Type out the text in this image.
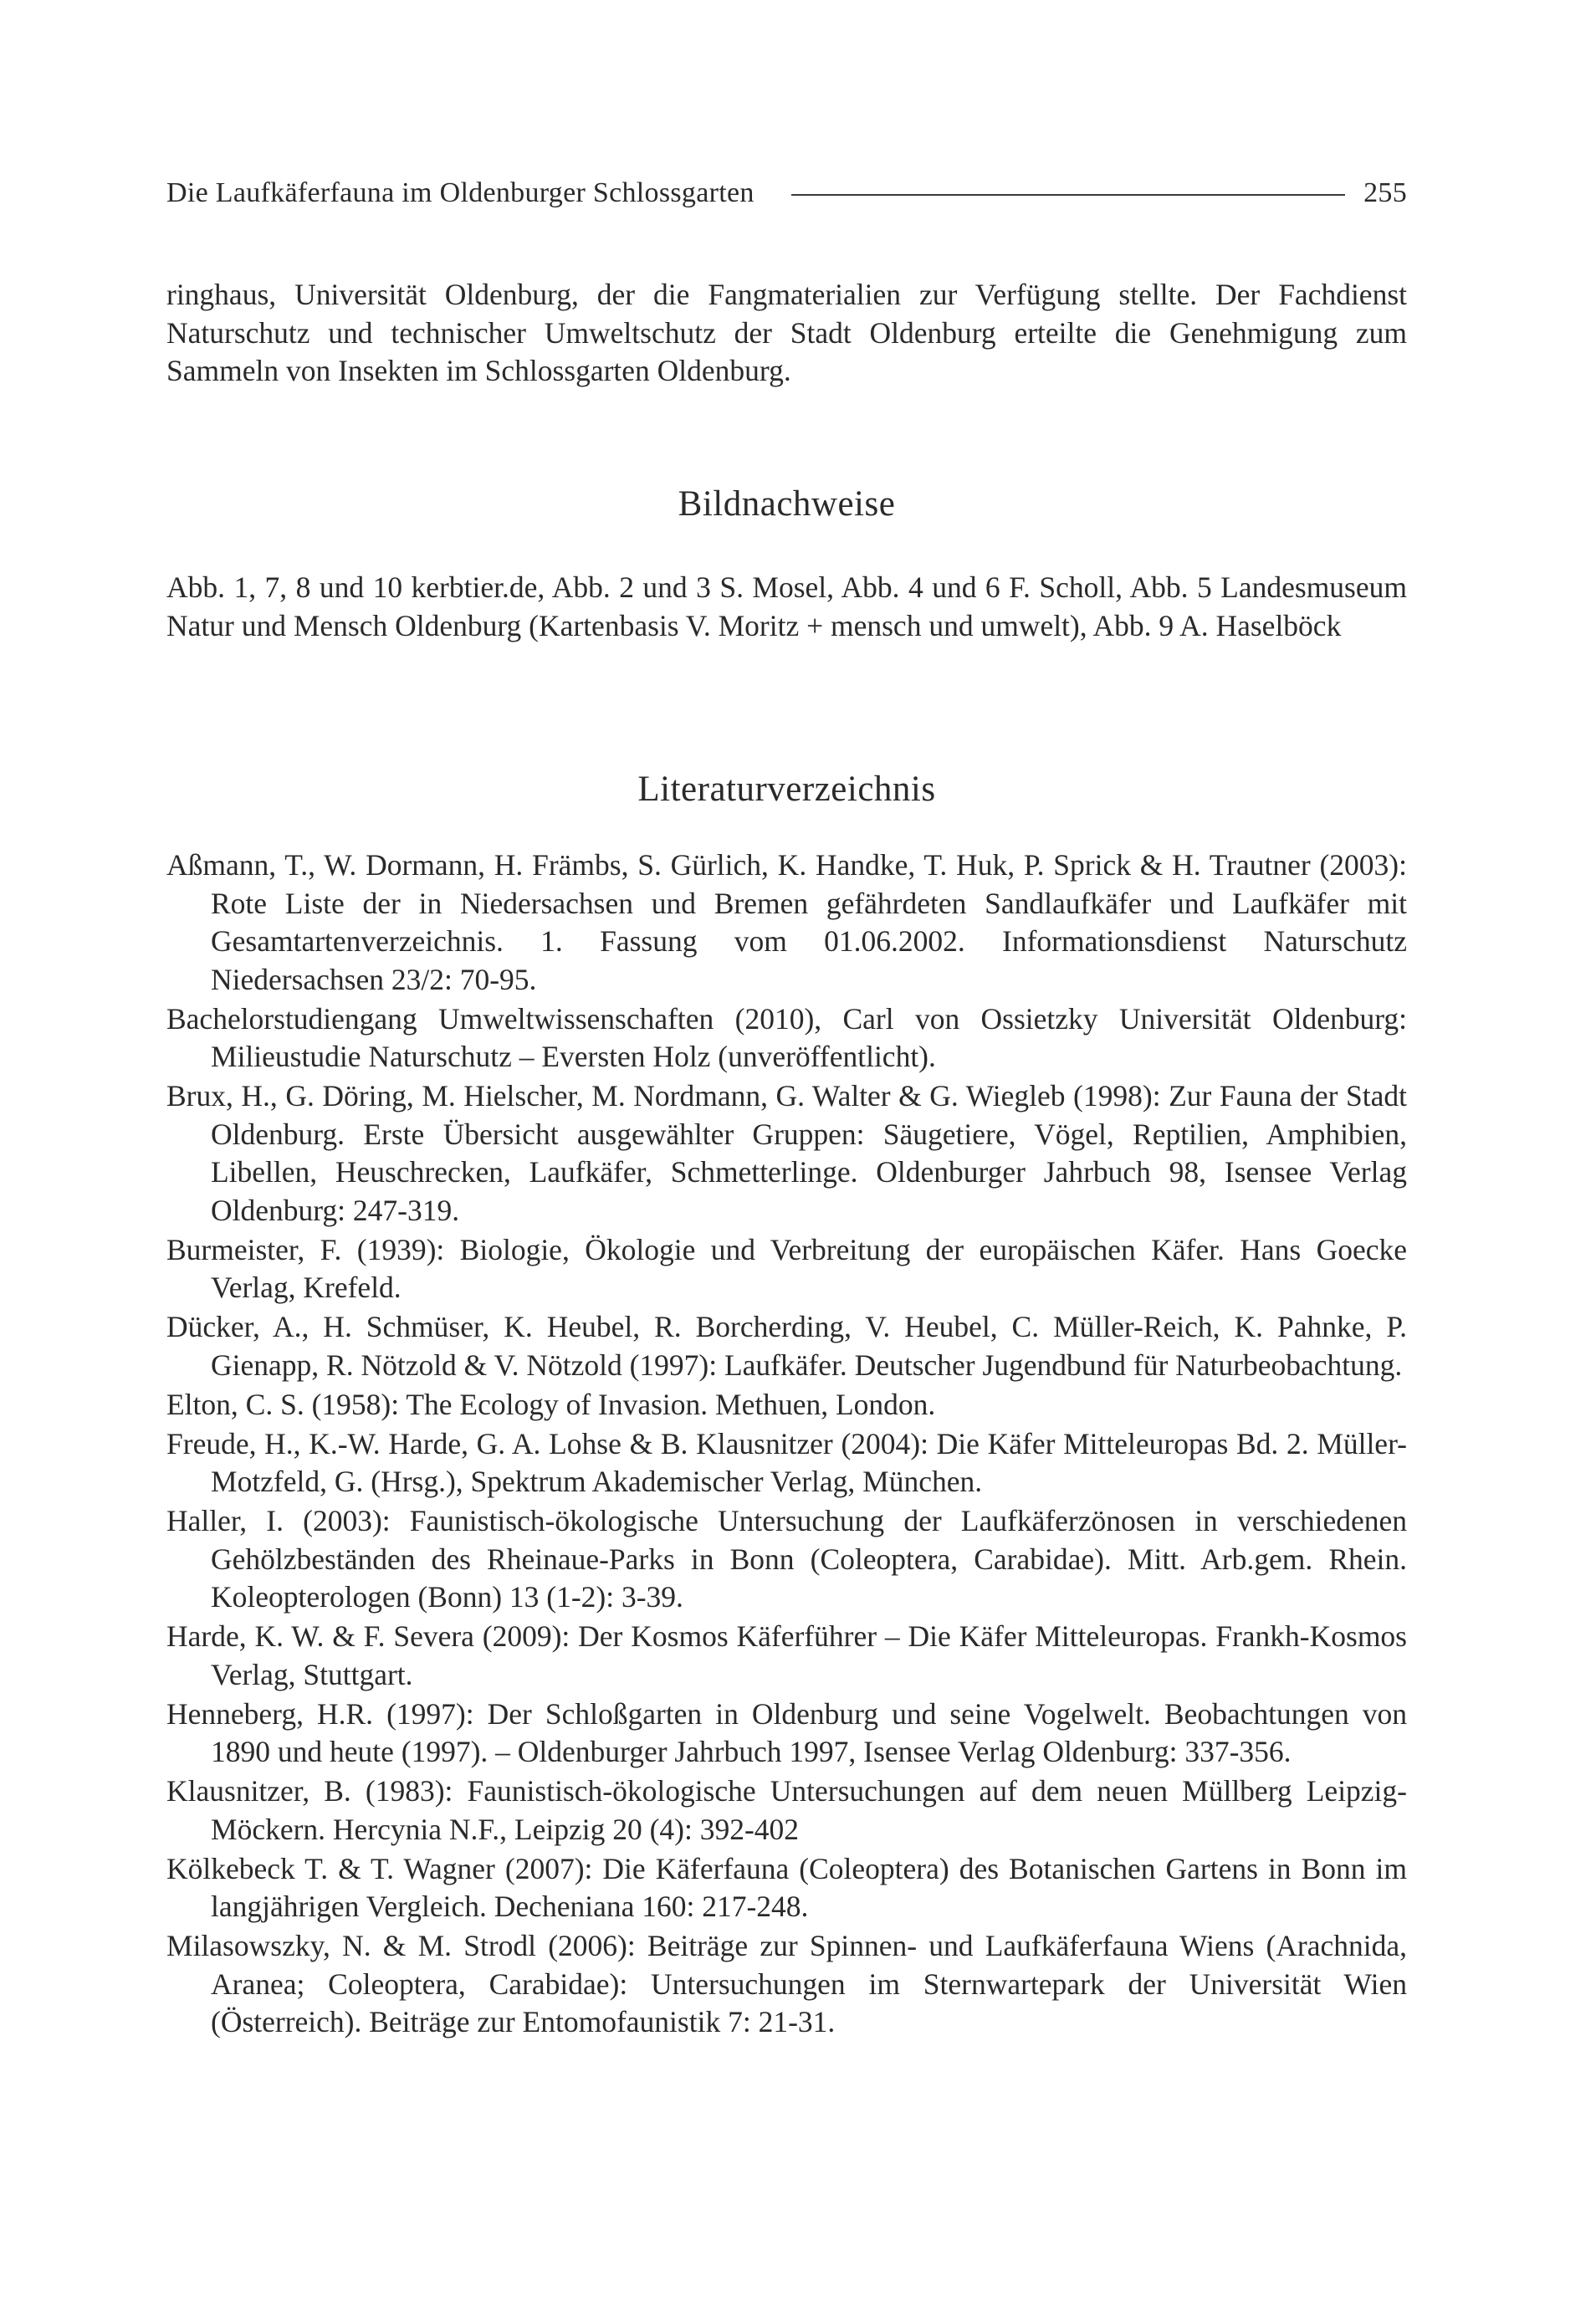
Die Laufkäferfauna im Oldenburger Schlossgarten	255

ringhaus, Universität Oldenburg, der die Fangmaterialien zur Verfügung stellte. Der Fachdienst Naturschutz und technischer Umweltschutz der Stadt Oldenburg erteilte die Genehmigung zum Sammeln von Insekten im Schlossgarten Oldenburg.

Bildnachweise

Abb. 1, 7, 8 und 10 kerbtier.de, Abb. 2 und 3 S. Mosel, Abb. 4 und 6 F. Scholl, Abb. 5 Landesmuseum Natur und Mensch Oldenburg (Kartenbasis V. Moritz + mensch und umwelt), Abb. 9 A. Haselböck

Literaturverzeichnis
Aßmann, T., W. Dormann, H. Främbs, S. Gürlich, K. Handke, T. Huk, P. Sprick & H. Trautner (2003): Rote Liste der in Niedersachsen und Bremen gefährdeten Sandlaufkäfer und Laufkäfer mit Gesamtartenverzeichnis. 1. Fassung vom 01.06.2002. Informationsdienst Naturschutz Niedersachsen 23/2: 70-95.
Bachelorstudiengang Umweltwissenschaften (2010), Carl von Ossietzky Universität Oldenburg: Milieustudie Naturschutz – Eversten Holz (unveröffentlicht).
Brux, H., G. Döring, M. Hielscher, M. Nordmann, G. Walter & G. Wiegleb (1998): Zur Fauna der Stadt Oldenburg. Erste Übersicht ausgewählter Gruppen: Säugetiere, Vögel, Reptilien, Amphibien, Libellen, Heuschrecken, Laufkäfer, Schmetterlinge. Oldenburger Jahrbuch 98, Isensee Verlag Oldenburg: 247-319.
Burmeister, F. (1939): Biologie, Ökologie und Verbreitung der europäischen Käfer. Hans Goecke Verlag, Krefeld.
Dücker, A., H. Schmüser, K. Heubel, R. Borcherding, V. Heubel, C. Müller-Reich, K. Pahnke, P. Gienapp, R. Nötzold & V. Nötzold (1997): Laufkäfer. Deutscher Jugendbund für Naturbeobachtung.
Elton, C. S. (1958): The Ecology of Invasion. Methuen, London.
Freude, H., K.-W. Harde, G. A. Lohse & B. Klausnitzer (2004): Die Käfer Mitteleuropas Bd. 2. Müller-Motzfeld, G. (Hrsg.), Spektrum Akademischer Verlag, München.
Haller, I. (2003): Faunistisch-ökologische Untersuchung der Laufkäferzönosen in verschiedenen Gehölzbeständen des Rheinaue-Parks in Bonn (Coleoptera, Carabidae). Mitt. Arb.gem. Rhein. Koleopterologen (Bonn) 13 (1-2): 3-39.
Harde, K. W. & F. Severa (2009): Der Kosmos Käferführer – Die Käfer Mitteleuropas. Frankh-Kosmos Verlag, Stuttgart.
Henneberg, H.R. (1997): Der Schloßgarten in Oldenburg und seine Vogelwelt. Beobachtungen von 1890 und heute (1997). – Oldenburger Jahrbuch 1997, Isensee Verlag Oldenburg: 337-356.
Klausnitzer, B. (1983): Faunistisch-ökologische Untersuchungen auf dem neuen Müllberg Leipzig-Möckern. Hercynia N.F., Leipzig 20 (4): 392-402
Kölkebeck T. & T. Wagner (2007): Die Käferfauna (Coleoptera) des Botanischen Gartens in Bonn im langjährigen Vergleich. Decheniana 160: 217-248.
Milasowszky, N. & M. Strodl (2006): Beiträge zur Spinnen- und Laufkäferfauna Wiens (Arachnida, Aranea; Coleoptera, Carabidae): Untersuchungen im Sternwartepark der Universität Wien (Österreich). Beiträge zur Entomofaunistik 7: 21-31.
